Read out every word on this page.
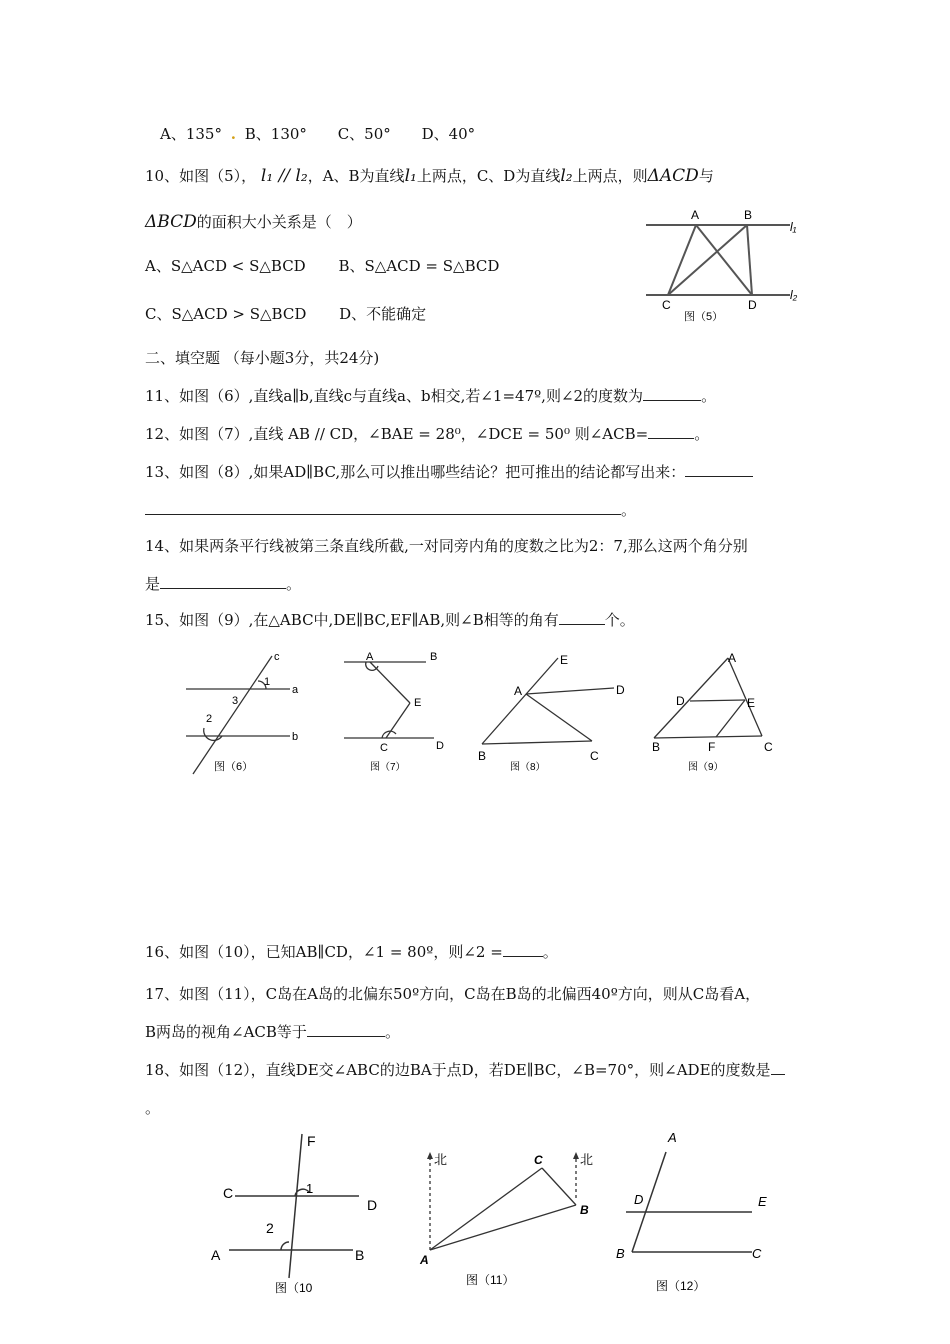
A、135° . B、130° C、50° D、40°
10、如图（5）， l₁ // l₂，A、B为直线l₁上两点，C、D为直线l₂上两点，则ΔACD与
ΔBCD的面积大小关系是（　）
A、S△ACD < S△BCD B、S△ACD = S△BCD
C、S△ACD > S△BCD D、不能确定
A	B
l₁
C	D
l₂
图（5）
二、填空题 （每小题3分，共24分)
11、如图（6）,直线a∥b,直线c与直线a、b相交,若∠1=47º,则∠2的度数为	。
12、如图（7）,直线 AB // CD，∠BAE = 28⁰，∠DCE = 50⁰ 则∠ACB=	。
13、如图（8）,如果AD∥BC,那么可以推出哪些结论？把可推出的结论都写出来：
。
14、如果两条平行线被第三条直线所截,一对同旁内角的度数之比为2：7,那么这两个角分别
是	。
15、如图（9）,在△ABC中,DE∥BC,EF∥AB,则∠B相等的角有	个。
c
1
a
3
2
b
图（6）
A	B
E
C	D
图（7）
E
A	D
B	C
图（8）
A
D	E
B	F	C
图（9）
16、如图（10），已知AB∥CD，∠1 = 80º，则∠2 =	。
17、如图（11），C岛在A岛的北偏东50º方向，C岛在B岛的北偏西40º方向，则从C岛看A，
B两岛的视角∠ACB等于	。
18、如图（12），直线DE交∠ABC的边BA于点D，若DE∥BC，∠B=70°，则∠ADE的度数是
。
F
C	1
D
2
A	B
图（10
北	北
C
B
A
图（11）
A
D	E
B	C
图（12）
